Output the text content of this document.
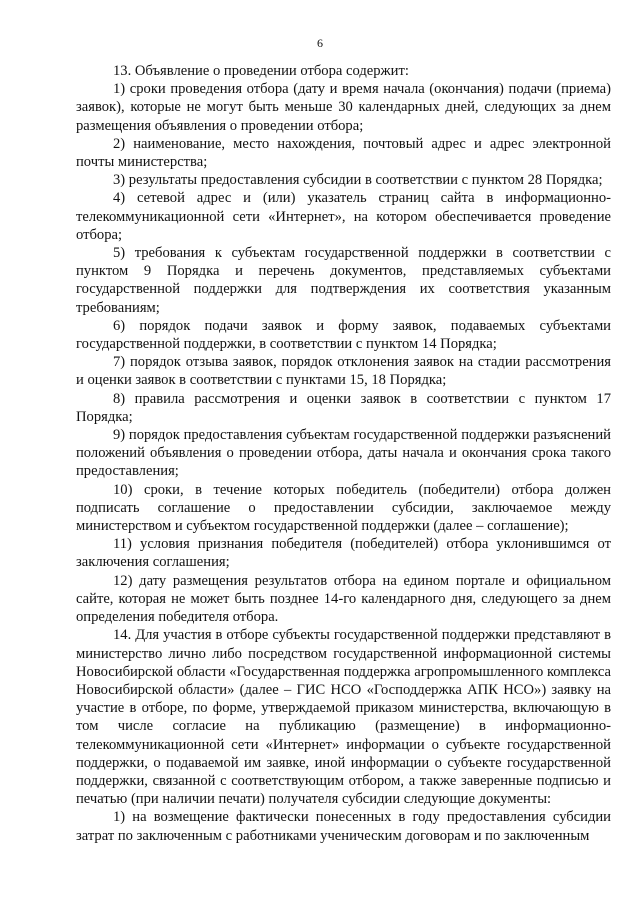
6

13. Объявление о проведении отбора содержит:

1) сроки проведения отбора (дату и время начала (окончания) подачи (приема) заявок), которые не могут быть меньше 30 календарных дней, следующих за днем размещения объявления о проведении отбора;

2) наименование, место нахождения, почтовый адрес и адрес электронной почты министерства;

3) результаты предоставления субсидии в соответствии с пунктом 28 Порядка;

4) сетевой адрес и (или) указатель страниц сайта в информационно-телекоммуникационной сети «Интернет», на котором обеспечивается проведение отбора;

5) требования к субъектам государственной поддержки в соответствии с пунктом 9 Порядка и перечень документов, представляемых субъектами государственной поддержки для подтверждения их соответствия указанным требованиям;

6) порядок подачи заявок и форму заявок, подаваемых субъектами государственной поддержки, в соответствии с пунктом 14 Порядка;

7) порядок отзыва заявок, порядок отклонения заявок на стадии рассмотрения и оценки заявок в соответствии с пунктами 15, 18 Порядка;

8) правила рассмотрения и оценки заявок в соответствии с пунктом 17 Порядка;

9) порядок предоставления субъектам государственной поддержки разъяснений положений объявления о проведении отбора, даты начала и окончания срока такого предоставления;

10) сроки, в течение которых победитель (победители) отбора должен подписать соглашение о предоставлении субсидии, заключаемое между министерством и субъектом государственной поддержки (далее – соглашение);

11) условия признания победителя (победителей) отбора уклонившимся от заключения соглашения;

12) дату размещения результатов отбора на едином портале и официальном сайте, которая не может быть позднее 14-го календарного дня, следующего за днем определения победителя отбора.

14. Для участия в отборе субъекты государственной поддержки представляют в министерство лично либо посредством государственной информационной системы Новосибирской области «Государственная поддержка агропромышленного комплекса Новосибирской области» (далее – ГИС НСО «Господдержка АПК НСО») заявку на участие в отборе, по форме, утверждаемой приказом министерства, включающую в том числе согласие на публикацию (размещение) в информационно-телекоммуникационной сети «Интернет» информации о субъекте государственной поддержки, о подаваемой им заявке, иной информации о субъекте государственной поддержки, связанной с соответствующим отбором, а также заверенные подписью и печатью (при наличии печати) получателя субсидии следующие документы:

1) на возмещение фактически понесенных в году предоставления субсидии затрат по заключенным с работниками ученическим договорам и по заключенным
